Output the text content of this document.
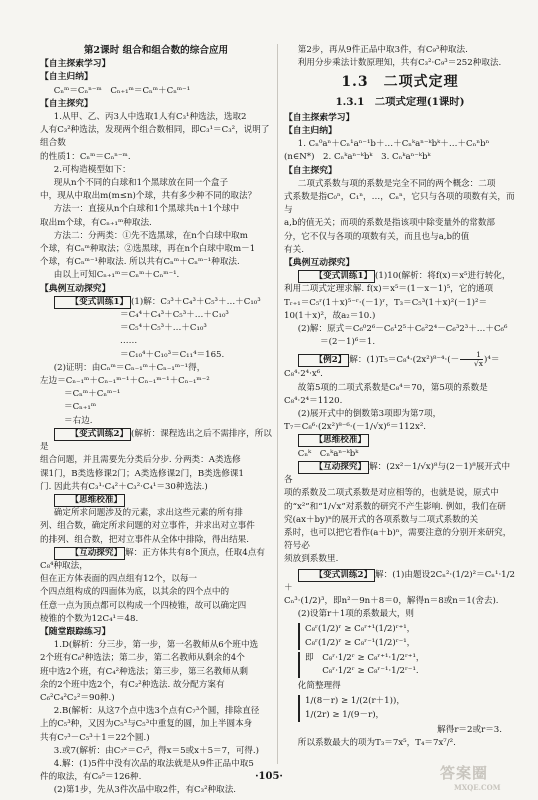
第2课时 组合和组合数的综合应用

【自主探索学习】

【自主归纳】

Cₙᵐ＝Cₙⁿ⁻ᵐ　Cₙ₊₁ᵐ＝Cₙᵐ＋Cₙᵐ⁻¹

【自主探究】

1.从甲、乙、丙3人中选取1人有C₃¹种选法，选取2

人有C₃²种选法，发现两个组合数相同，即C₃¹＝C₃²，说明了组合数

的性质1：Cₙᵐ＝Cₙⁿ⁻ᵐ.

2.可构造模型如下：

现从n个不同的白球和1个黑球放在同一个盒子

中，现从中取出m(m≤n)个球，共有多少种不同的取法？

方法一：直接从n个白球和1个黑球共n＋1个球中

取出m个球，有Cₙ₊₁ᵐ种取法.

方法二：分两类：①先不选黑球，在n个白球中取m

个球，有Cₙᵐ种取法；②选黑球，再在n个白球中取m－1

个球，有Cₙᵐ⁻¹种取法. 所以共有Cₙᵐ＋Cₙᵐ⁻¹种取法.

由以上可知Cₙ₊₁ᵐ＝Cₙᵐ＋Cₙᵐ⁻¹.

【典例互动探究】

【变式训练1】 (1)解：C₃³＋C₄³＋C₅³＋…＋C₁₀³

＝C₄⁴＋C₄³＋C₅³＋…＋C₁₀³

＝C₅⁴＋C₅³＋…＋C₁₀³

……

＝C₁₀⁴＋C₁₀³＝C₁₁⁴＝165.

(2)证明：由Cₙᵐ＝Cₙ₋₁ᵐ＋Cₙ₋₁ᵐ⁻¹得，

左边＝Cₙ₋₁ᵐ＋Cₙ₋₁ᵐ⁻¹＋Cₙ₋₁ᵐ⁻¹＋Cₙ₋₁ᵐ⁻²

＝Cₙᵐ＋Cₙᵐ⁻¹

＝Cₙ₊₁ᵐ

＝右边.

【变式训练2】 (解析：课程选出之后不需排序，所以是

组合问题，并且需要先分类后分步. 分两类：A类选修

课1门，B类选修课2门；A类选修课2门，B类选修课1

门. 因此共有C₃¹·C₄²＋C₃²·C₄¹＝30种选法.)

【思维校准】

确定所求问题涉及的元素，求出这些元素的所有排

列、组合数，确定所求问题的对立事件，并求出对立事件

的排列、组合数，把对立事件从全体中排除，得出结果.

【互动探究】 解：正方体共有8个顶点，任取4点有C₈⁴种取法，

但在正方体表面的四点组有12个，以每一

个四点组构成的四面体为底，以其余的四个点中的

任意一点为顶点都可以构成一个四棱锥，故可以确定四

棱锥的个数为12C₄¹＝48.

【随堂跟踪练习】

1.D(解析：分三步，第一步，第一名教师从6个班中选

2个班有C₆²种选法；第二步，第二名教师从剩余的4个

班中选2个班，有C₄²种选法；第三步，第三名教师从剩

余的2个班中选2个，有C₂²种选法. 故分配方案有

C₆²C₄²C₂²＝90种.)

2.B(解析：从这7个点中选3个点有C₇³个圆，排除直径

上的C₅³种，又因为C₅³与C₅³中重复的圆，加上半圆本身

共有C₇³－C₅³＋1＝22个圆.)

3.或7(解析：由C₇ˣ＝C₇⁵，得x＝5或x＋5＝7，可得.)

4.解：(1)5件中没有次品的取法就是从9件正品中取5

件的取法，有C₉⁵＝126种.

(2)第1步，先从3件次品中取2件，有C₃²种取法.

第2步，再从9件正品中取3件，有C₉³种取法.

利用分步乘法计数原理知，共有C₃²·C₉³＝252种取法.

1.3　二项式定理

1.3.1　二项式定理(1课时)

【自主探索学习】

【自主归纳】

1. Cₙ⁰aⁿ＋Cₙ¹aⁿ⁻¹b＋…＋Cₙᵏaⁿ⁻ᵏbᵏ＋…＋Cₙⁿbⁿ

(n∈N*)　2. Cₙᵏaⁿ⁻ᵏbᵏ　3. Cₙᵏaⁿ⁻ᵏbᵏ

【自主探究】

二项式系数与项的系数是完全不同的两个概念：二项

式系数是指C₀ⁿ，C₁ⁿ，…，Cₙⁿ，它只与各项的项数有关，而与

a,b的值无关；而项的系数是指该项中除变量外的常数部

分，它不仅与各项的项数有关，而且也与a,b的值

有关.

【典例互动探究】

【变式训练1】 (1)10(解析：将f(x)＝x⁵进行转化，

利用二项式定理求解. f(x)＝x⁵＝(1－x－1)⁵，它的通项

Tᵣ₊₁＝C₅ʳ(1＋x)⁵⁻ʳ·(－1)ʳ，T₃＝C₅³(1＋x)²(－1)²＝

10(1＋x)²，故a₂＝10.)

(2)解：原式＝C₆⁰2⁶－C₆¹2⁵＋C₆²2⁴－C₆³2³＋…＋C₆⁶

＝(2－1)⁶＝1.

【例2】 解：$(1)T_5=C_8^4\cdot(2x^2)^{8-4}\cdot(- \frac{1}{√x} )^4=$

C₈⁴·2⁴·x⁶.

故第5项的二项式系数是C₈⁴＝70，第5项的系数是

C₈⁴·2⁴＝1120.

(2)展开式中的倒数第3项即为第7项，

T₇＝C₈⁶·(2x²)⁸⁻⁶·(－1/√x)⁶＝112x².

【思维校准】

Cₙᵏ　Cₙᵏaⁿ⁻ᵏbᵏ

【互动探究】 解：(2x²－1/√x)⁸与(2－1)⁸展开式中各

项的系数及二项式系数是对应相等的，也就是说，原式中

的“x²”和“1/√x”对系数的研究不产生影响. 例如，我们在研

究(ax＋by)ⁿ的展开式的各项系数与二项式系数的关

系时，也可以把它看作(a＋b)ⁿ，需要注意的分别开来研究，符号必

须放到系数里.

【变式训练2】 解：(1)由题设2Cₙ²·(1/2)²＝Cₙ¹·1/2＋

Cₙ³·(1/2)³，即n²－9n＋8＝0，解得n＝8或n＝1(舍去).

(2)设第r＋1项的系数最大，则

C₈ʳ(1/2)ʳ ≥ C₈ʳ⁺¹(1/2)ʳ⁺¹，

C₈ʳ(1/2)ʳ ≥ C₈ʳ⁻¹(1/2)ʳ⁻¹，

即　C₈ʳ·1/2ʳ ≥ C₈ʳ⁺¹·1/2ʳ⁺¹，

　　C₈ʳ·1/2ʳ ≥ C₈ʳ⁻¹·1/2ʳ⁻¹.

化简整理得

1/(8－r) ≥ 1/(2(r＋1))，

1/(2r) ≥ 1/(9－r)，

解得r＝2或r＝3.

所以系数最大的项为T₃＝7x⁵，T₄＝7x⁷/².

·105·	答案圈
MXQE.COM
